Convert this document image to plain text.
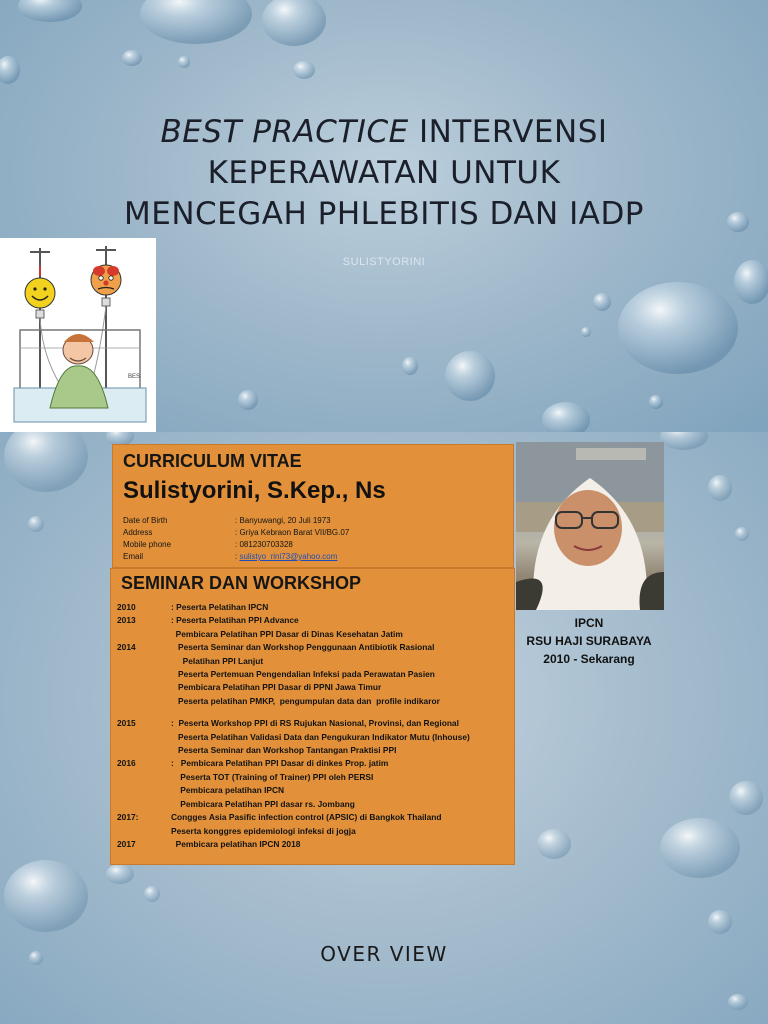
BEST PRACTICE INTERVENSI
KEPERAWATAN UNTUK
MENCEGAH PHLEBITIS DAN IADP
SULISTYORINI
BES
CURRICULUM VITAE
Sulistyorini, S.Kep., Ns
Date of Birth	: Banyuwangi, 20 Juli 1973
Address	: Griya Kebraon Barat VII/BG.07
Mobile phone	: 081230703328
Email	: sulistyo_rini73@yahoo.com
SEMINAR DAN WORKSHOP
2010	: Peserta Pelatihan IPCN
2013	: Peserta Pelatihan PPI Advance
Pembicara Pelatihan PPI Dasar di Dinas Kesehatan Jatim
2014	Peserta Seminar dan Workshop Penggunaan Antibiotik Rasional
Pelatihan PPI Lanjut
Peserta Pertemuan Pengendalian Infeksi pada Perawatan Pasien
Pembicara Pelatihan PPI Dasar di PPNI Jawa Timur
Peserta pelatihan PMKP,  pengumpulan data dan  profile indikaror
2015	:  Peserta Workshop PPI di RS Rujukan Nasional, Provinsi, dan Regional
Peserta Pelatihan Validasi Data dan Pengukuran Indikator Mutu (Inhouse)
Peserta Seminar dan Workshop Tantangan Praktisi PPI
2016	:   Pembicara Pelatihan PPI Dasar di dinkes Prop. jatim
Peserta TOT (Training of Trainer) PPI oleh PERSI
Pembicara pelatihan IPCN
Pembicara Pelatihan PPI dasar rs. Jombang
2017:	Congges Asia Pasific infection control (APSIC) di Bangkok Thailand
Peserta konggres epidemiologi infeksi di jogja
2017	Pembicara pelatihan IPCN 2018
IPCN
RSU HAJI SURABAYA
2010 - Sekarang
OVER VIEW
